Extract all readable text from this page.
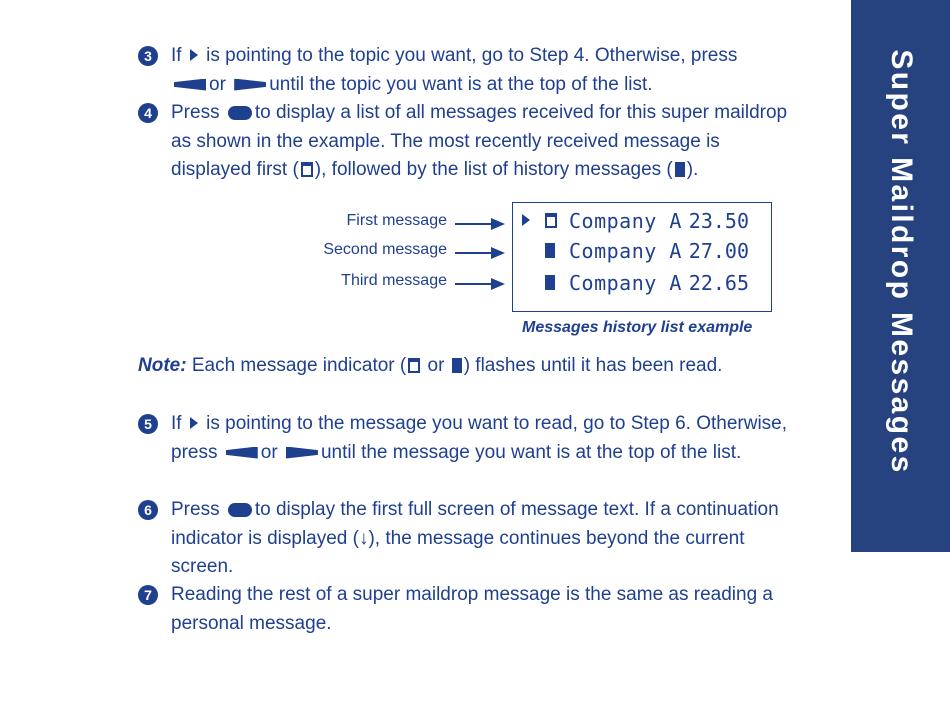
Super Maildrop Messages
3	If  is pointing to the topic you want, go to Step 4. Otherwise, press
or until the topic you want is at the top of the list.
4	Press to display a list of all messages received for this super maildrop as shown in the example. The most recently received message is displayed first ( ), followed by the list of history messages ( ).
First message
Second message
Third message
Company A 23.50
Company A 27.00
Company A 22.65
Messages history list example
Note: Each message indicator ( or ) flashes until it has been read.
5	If  is pointing to the message you want to read, go to Step 6. Otherwise, press or until the message you want is at the top of the list.
6	Press to display the first full screen of message text. If a continuation indicator is displayed (↓), the message continues beyond the current screen.
7	Reading the rest of a super maildrop message is the same as reading a personal message.
